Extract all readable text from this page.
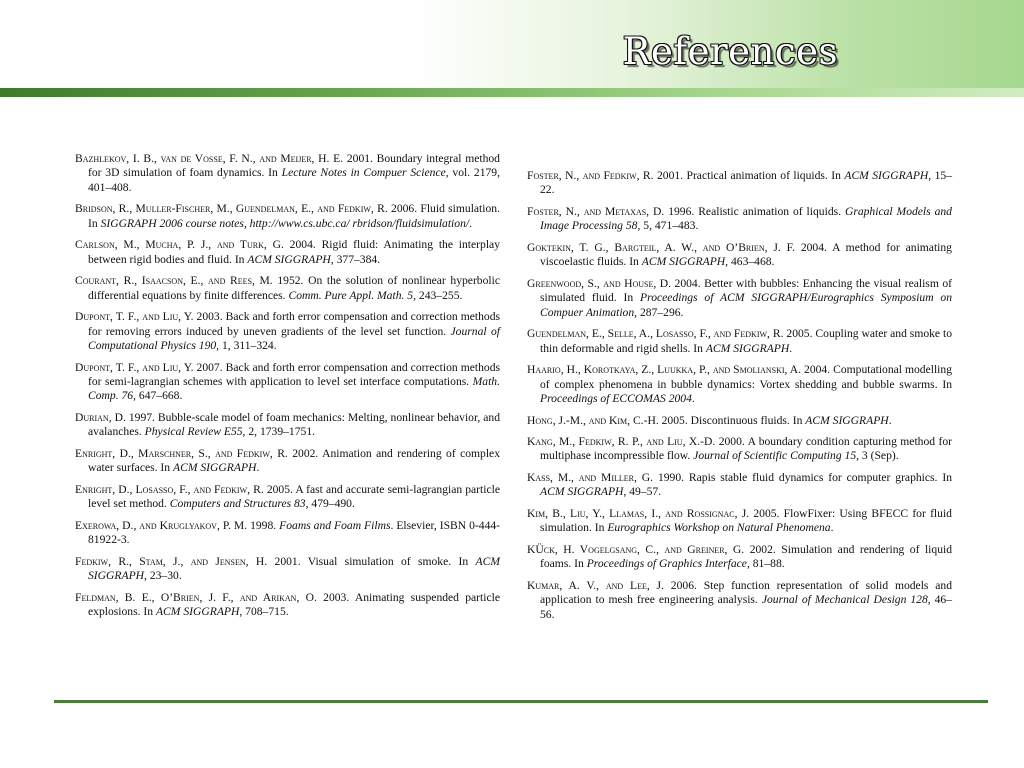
References
Bazhlekov, I. B., van de Vosse, F. N., and Meijer, H. E. 2001. Boundary integral method for 3D simulation of foam dynamics. In Lecture Notes in Compuer Science, vol. 2179, 401–408.
Bridson, R., Muller-Fischer, M., Guendelman, E., and Fedkiw, R. 2006. Fluid simulation. In SIGGRAPH 2006 course notes, http://www.cs.ubc.ca/ rbridson/fluidsimulation/.
Carlson, M., Mucha, P. J., and Turk, G. 2004. Rigid fluid: Animating the interplay between rigid bodies and fluid. In ACM SIGGRAPH, 377–384.
Courant, R., Isaacson, E., and Rees, M. 1952. On the solution of nonlinear hyperbolic differential equations by finite differences. Comm. Pure Appl. Math. 5, 243–255.
Dupont, T. F., and Liu, Y. 2003. Back and forth error compensation and correction methods for removing errors induced by uneven gradients of the level set function. Journal of Computational Physics 190, 1, 311–324.
Dupont, T. F., and Liu, Y. 2007. Back and forth error compensation and correction methods for semi-lagrangian schemes with application to level set interface computations. Math. Comp. 76, 647–668.
Durian, D. 1997. Bubble-scale model of foam mechanics: Melting, nonlinear behavior, and avalanches. Physical Review E55, 2, 1739–1751.
Enright, D., Marschner, S., and Fedkiw, R. 2002. Animation and rendering of complex water surfaces. In ACM SIGGRAPH.
Enright, D., Losasso, F., and Fedkiw, R. 2005. A fast and accurate semi-lagrangian particle level set method. Computers and Structures 83, 479–490.
Exerowa, D., and Kruglyakov, P. M. 1998. Foams and Foam Films. Elsevier, ISBN 0-444-81922-3.
Fedkiw, R., Stam, J., and Jensen, H. 2001. Visual simulation of smoke. In ACM SIGGRAPH, 23–30.
Feldman, B. E., O’Brien, J. F., and Arikan, O. 2003. Animating suspended particle explosions. In ACM SIGGRAPH, 708–715.
Foster, N., and Fedkiw, R. 2001. Practical animation of liquids. In ACM SIGGRAPH, 15–22.
Foster, N., and Metaxas, D. 1996. Realistic animation of liquids. Graphical Models and Image Processing 58, 5, 471–483.
Goktekin, T. G., Bargteil, A. W., and O’Brien, J. F. 2004. A method for animating viscoelastic fluids. In ACM SIGGRAPH, 463–468.
Greenwood, S., and House, D. 2004. Better with bubbles: Enhancing the visual realism of simulated fluid. In Proceedings of ACM SIGGRAPH/Eurographics Symposium on Compuer Animation, 287–296.
Guendelman, E., Selle, A., Losasso, F., and Fedkiw, R. 2005. Coupling water and smoke to thin deformable and rigid shells. In ACM SIGGRAPH.
Haario, H., Korotkaya, Z., Luukka, P., and Smolianski, A. 2004. Computational modelling of complex phenomena in bubble dynamics: Vortex shedding and bubble swarms. In Proceedings of ECCOMAS 2004.
Hong, J.-M., and Kim, C.-H. 2005. Discontinuous fluids. In ACM SIGGRAPH.
Kang, M., Fedkiw, R. P., and Liu, X.-D. 2000. A boundary condition capturing method for multiphase incompressible flow. Journal of Scientific Computing 15, 3 (Sep).
Kass, M., and Miller, G. 1990. Rapis stable fluid dynamics for computer graphics. In ACM SIGGRAPH, 49–57.
Kim, B., Liu, Y., Llamas, I., and Rossignac, J. 2005. FlowFixer: Using BFECC for fluid simulation. In Eurographics Workshop on Natural Phenomena.
KÜck, H. Vogelgsang, C., and Greiner, G. 2002. Simulation and rendering of liquid foams. In Proceedings of Graphics Interface, 81–88.
Kumar, A. V., and Lee, J. 2006. Step function representation of solid models and application to mesh free engineering analysis. Journal of Mechanical Design 128, 46–56.
